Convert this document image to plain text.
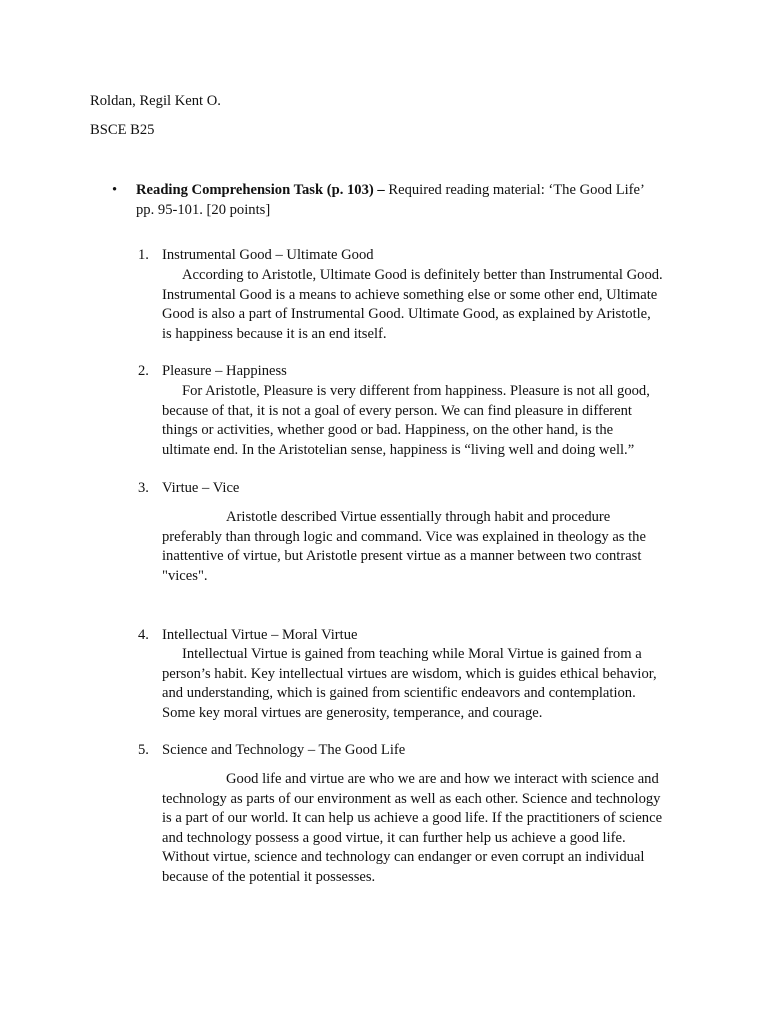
Roldan, Regil Kent O.
BSCE B25
• Reading Comprehension Task (p. 103) – Required reading material: ‘The Good Life’
pp. 95-101. [20 points]
1. Instrumental Good – Ultimate Good
According to Aristotle, Ultimate Good is definitely better than Instrumental Good.
Instrumental Good is a means to achieve something else or some other end, Ultimate
Good is also a part of Instrumental Good. Ultimate Good, as explained by Aristotle,
is happiness because it is an end itself.
2. Pleasure – Happiness
For Aristotle, Pleasure is very different from happiness. Pleasure is not all good,
because of that, it is not a goal of every person. We can find pleasure in different
things or activities, whether good or bad. Happiness, on the other hand, is the
ultimate end. In the Aristotelian sense, happiness is “living well and doing well.”
3. Virtue – Vice
Aristotle described Virtue essentially through habit and procedure
preferably than through logic and command. Vice was explained in theology as the
inattentive of virtue, but Aristotle present virtue as a manner between two contrast
"vices".
4. Intellectual Virtue – Moral Virtue
Intellectual Virtue is gained from teaching while Moral Virtue is gained from a
person’s habit. Key intellectual virtues are wisdom, which is guides ethical behavior,
and understanding, which is gained from scientific endeavors and contemplation.
Some key moral virtues are generosity, temperance, and courage.
5. Science and Technology – The Good Life
Good life and virtue are who we are and how we interact with science and
technology as parts of our environment as well as each other. Science and technology
is a part of our world. It can help us achieve a good life. If the practitioners of science
and technology possess a good virtue, it can further help us achieve a good life.
Without virtue, science and technology can endanger or even corrupt an individual
because of the potential it possesses.
